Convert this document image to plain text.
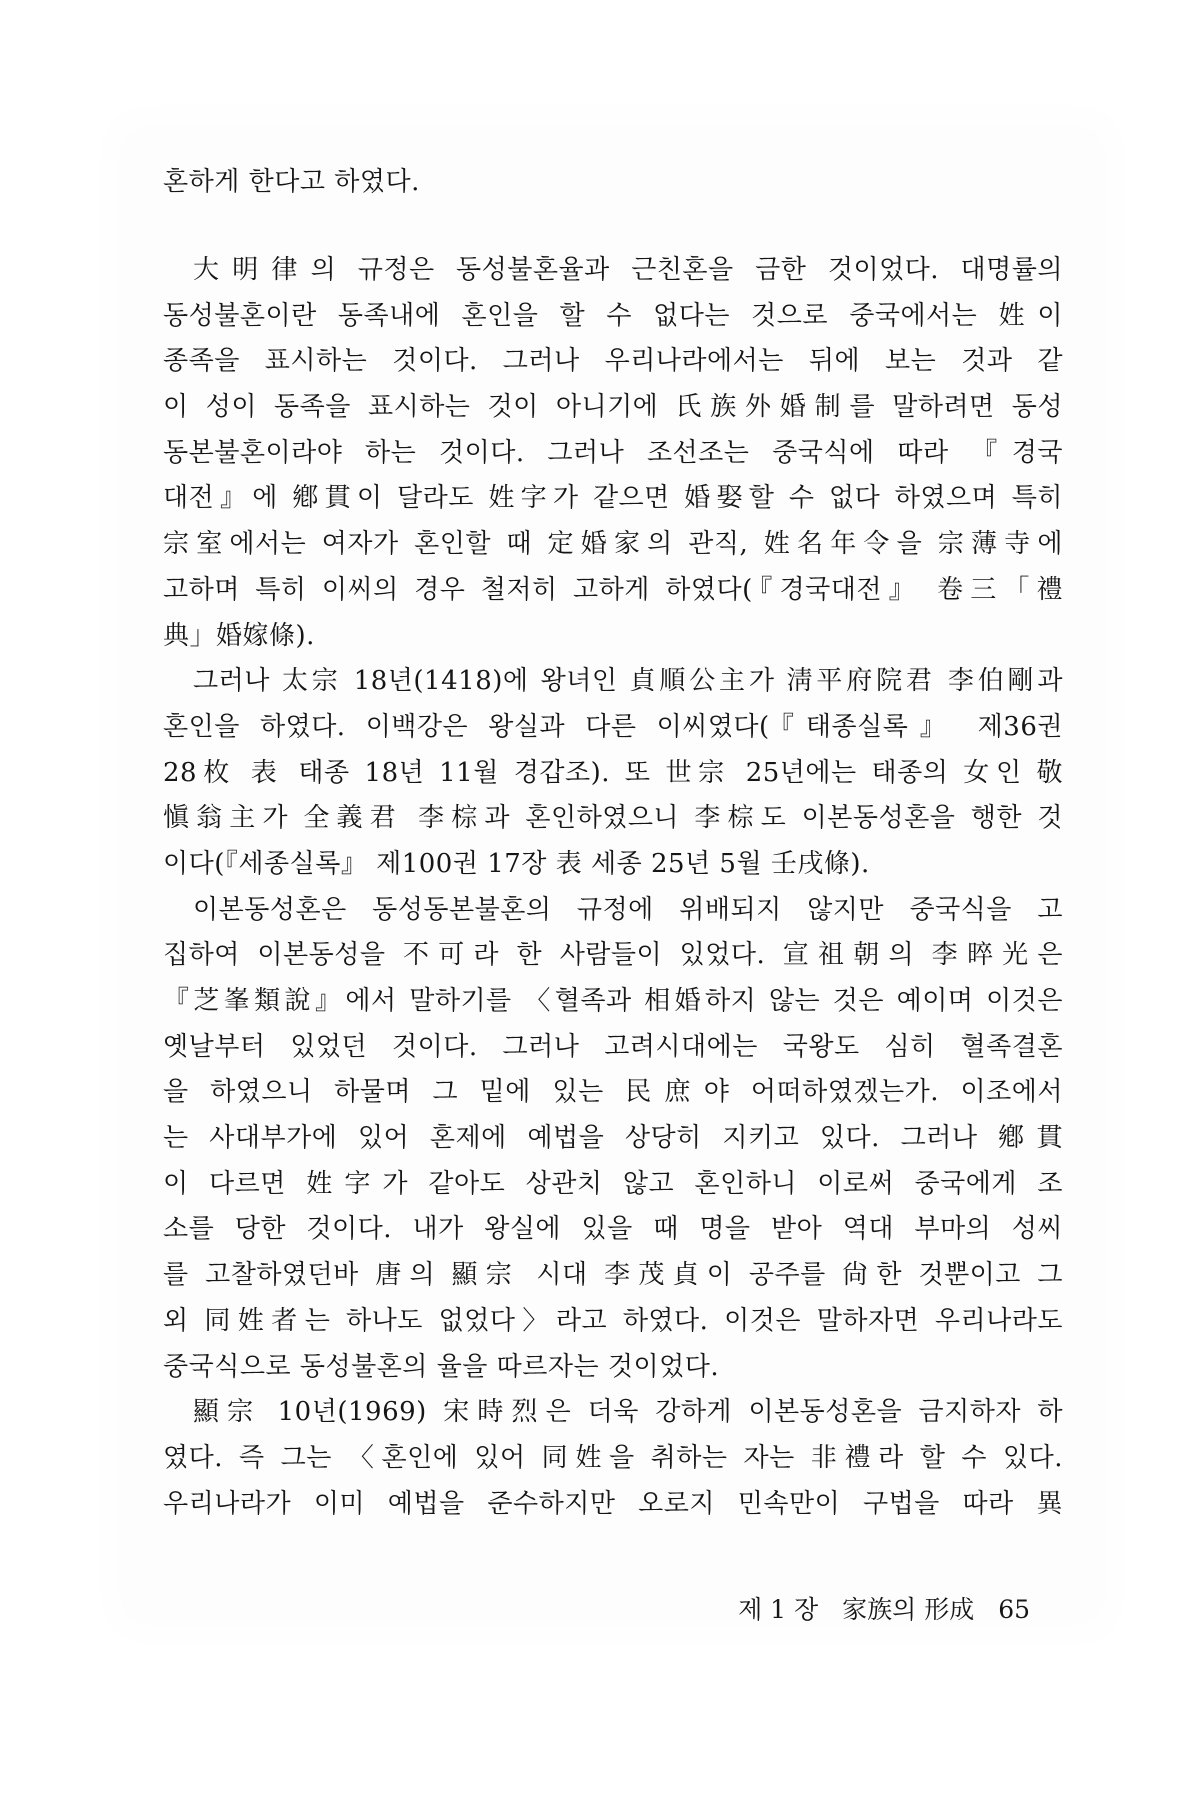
혼하게 한다고 하였다.
大明律의 규정은 동성불혼율과 근친혼을 금한 것이었다. 대명률의
동성불혼이란 동족내에 혼인을 할 수 없다는 것으로 중국에서는 姓이
종족을 표시하는 것이다. 그러나 우리나라에서는 뒤에 보는 것과 같
이 성이 동족을 표시하는 것이 아니기에 氏族外婚制를 말하려면 동성
동본불혼이라야 하는 것이다. 그러나 조선조는 중국식에 따라 『경국
대전』에 鄕貫이 달라도 姓字가 같으면 婚娶할 수 없다 하였으며 특히
宗室에서는 여자가 혼인할 때 定婚家의 관직, 姓名年令을 宗薄寺에
고하며 특히 이씨의 경우 철저히 고하게 하였다(『경국대전』 卷三「禮
典」婚嫁條).
그러나 太宗 18년(1418)에 왕녀인 貞順公主가 淸平府院君 李伯剛과
혼인을 하였다. 이백강은 왕실과 다른 이씨였다(『태종실록』 제36권
28枚 表 태종 18년 11월 경갑조). 또 世宗 25년에는 태종의 女인 敬
愼翁主가 全義君 李棕과 혼인하였으니 李棕도 이본동성혼을 행한 것
이다(『세종실록』 제100권 17장 表 세종 25년 5월 壬戌條).
이본동성혼은 동성동본불혼의 규정에 위배되지 않지만 중국식을 고
집하여 이본동성을 不可라 한 사람들이 있었다. 宣祖朝의 李晬光은
『芝峯類說』에서 말하기를 〈혈족과 相婚하지 않는 것은 예이며 이것은
옛날부터 있었던 것이다. 그러나 고려시대에는 국왕도 심히 혈족결혼
을 하였으니 하물며 그 밑에 있는 民庶야 어떠하였겠는가. 이조에서
는 사대부가에 있어 혼제에 예법을 상당히 지키고 있다. 그러나 鄕貫
이 다르면 姓字가 같아도 상관치 않고 혼인하니 이로써 중국에게 조
소를 당한 것이다. 내가 왕실에 있을 때 명을 받아 역대 부마의 성씨
를 고찰하였던바 唐의 顯宗 시대 李茂貞이 공주를 尙한 것뿐이고 그
외 同姓者는 하나도 없었다〉라고 하였다. 이것은 말하자면 우리나라도
중국식으로 동성불혼의 율을 따르자는 것이었다.
顯宗 10년(1969) 宋時烈은 더욱 강하게 이본동성혼을 금지하자 하
였다. 즉 그는 〈혼인에 있어 同姓을 취하는 자는 非禮라 할 수 있다.
우리나라가 이미 예법을 준수하지만 오로지 민속만이 구법을 따라 異
제 1 장 家族의 形成 65
